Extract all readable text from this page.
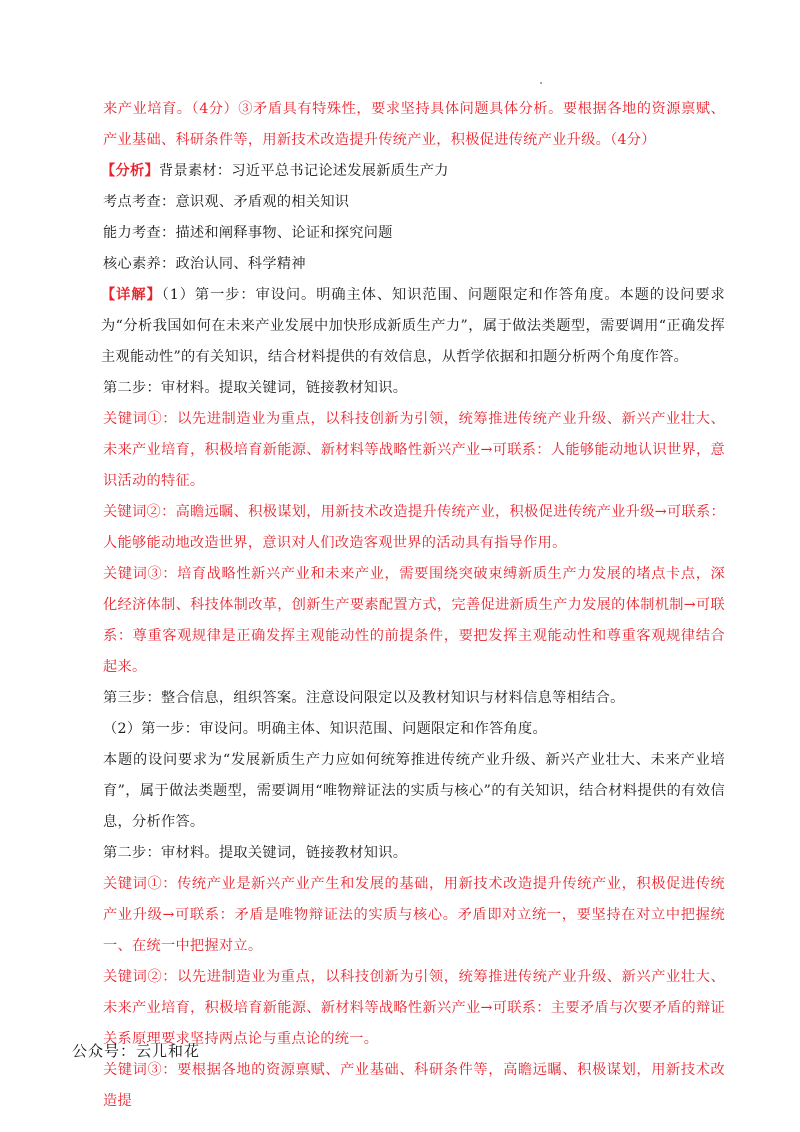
来产业培育。（4分）③矛盾具有特殊性，要求坚持具体问题具体分析。要根据各地的资源禀赋、产业基础、科研条件等，用新技术改造提升传统产业，积极促进传统产业升级。（4分）

【分析】背景素材：习近平总书记论述发展新质生产力

考点考查：意识观、矛盾观的相关知识

能力考查：描述和阐释事物、论证和探究问题

核心素养：政治认同、科学精神

【详解】（1）第一步：审设问。明确主体、知识范围、问题限定和作答角度。本题的设问要求为“分析我国如何在未来产业发展中加快形成新质生产力”，属于做法类题型，需要调用“正确发挥主观能动性”的有关知识，结合材料提供的有效信息，从哲学依据和扣题分析两个角度作答。

第二步：审材料。提取关键词，链接教材知识。

关键词①：以先进制造业为重点，以科技创新为引领，统筹推进传统产业升级、新兴产业壮大、未来产业培育，积极培育新能源、新材料等战略性新兴产业→可联系：人能够能动地认识世界，意识活动的特征。

关键词②：高瞻远瞩、积极谋划，用新技术改造提升传统产业，积极促进传统产业升级→可联系：人能够能动地改造世界，意识对人们改造客观世界的活动具有指导作用。

关键词③：培育战略性新兴产业和未来产业，需要围绕突破束缚新质生产力发展的堵点卡点，深化经济体制、科技体制改革，创新生产要素配置方式，完善促进新质生产力发展的体制机制→可联系：尊重客观规律是正确发挥主观能动性的前提条件，要把发挥主观能动性和尊重客观规律结合起来。

第三步：整合信息，组织答案。注意设问限定以及教材知识与材料信息等相结合。

（2）第一步：审设问。明确主体、知识范围、问题限定和作答角度。

本题的设问要求为“发展新质生产力应如何统筹推进传统产业升级、新兴产业壮大、未来产业培育”，属于做法类题型，需要调用“唯物辩证法的实质与核心”的有关知识，结合材料提供的有效信息，分析作答。

第二步：审材料。提取关键词，链接教材知识。

关键词①：传统产业是新兴产业产生和发展的基础，用新技术改造提升传统产业，积极促进传统产业升级→可联系：矛盾是唯物辩证法的实质与核心。矛盾即对立统一，要坚持在对立中把握统一、在统一中把握对立。

关键词②：以先进制造业为重点，以科技创新为引领，统筹推进传统产业升级、新兴产业壮大、未来产业培育，积极培育新能源、新材料等战略性新兴产业→可联系：主要矛盾与次要矛盾的辩证关系原理要求坚持两点论与重点论的统一。

关键词③：要根据各地的资源禀赋、产业基础、科研条件等，高瞻远瞩、积极谋划，用新技术改造提

公众号：云儿和花
